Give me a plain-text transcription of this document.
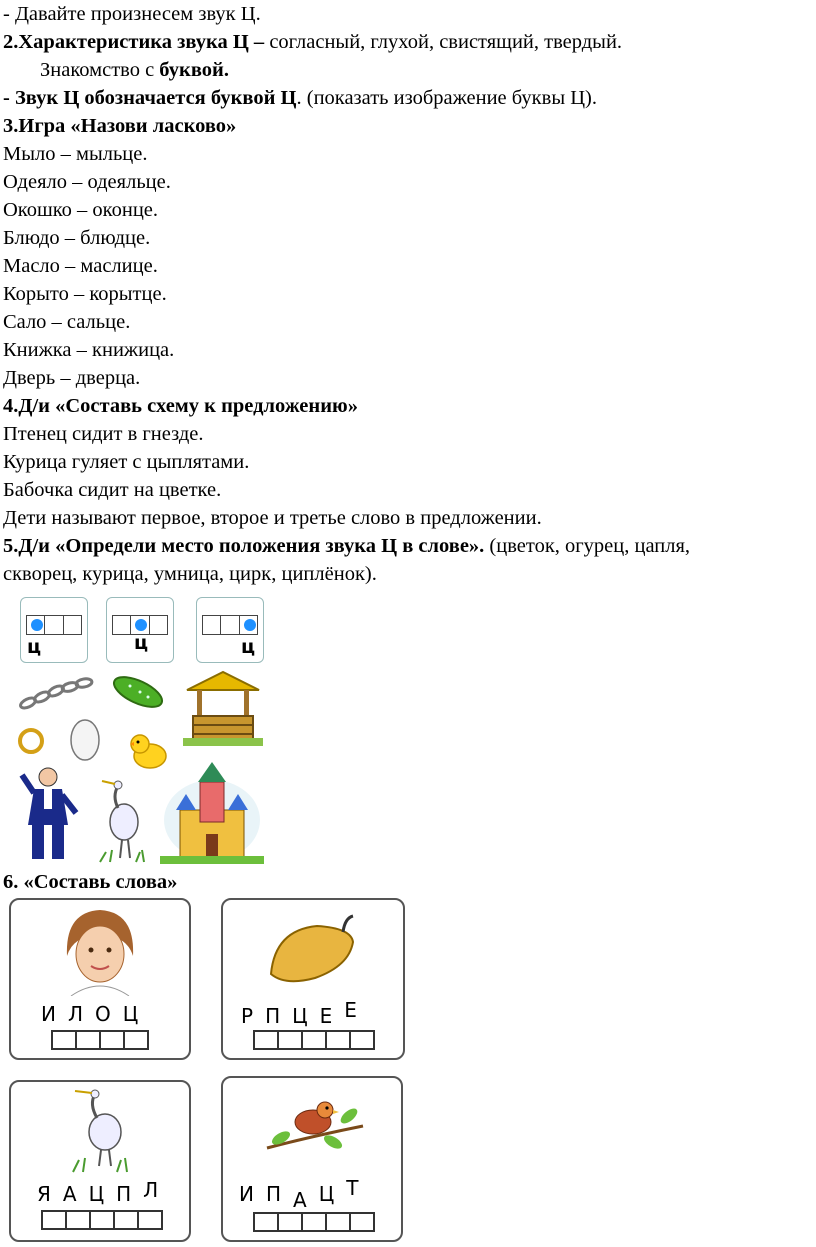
- Давайте произнесем звук Ц.
2.Характеристика звука Ц – согласный, глухой, свистящий, твердый.
Знакомство с буквой.
- Звук Ц обозначается буквой Ц. (показать изображение буквы Ц).
3.Игра «Назови ласково»
Мыло – мыльце.
Одеяло – одеяльце.
Окошко – оконце.
Блюдо – блюдце.
Масло – маслице.
Корыто – корытце.
Сало – сальце.
Книжка – книжица.
Дверь – дверца.
4.Д/и «Составь схему к предложению»
Птенец сидит в гнезде.
Курица гуляет с цыплятами.
Бабочка сидит на цветке.
Дети называют первое, второе и третье слово в предложении.
5.Д/и «Определи место положения звука Ц в слове». (цветок, огурец, цапля,
скворец, курица, умница, цирк, циплёнок).
ц	ц	ц
6. «Составь слова»
И Л О Ц	Р П Ц Е Е
Я А Ц П Л	И П А Ц Т
